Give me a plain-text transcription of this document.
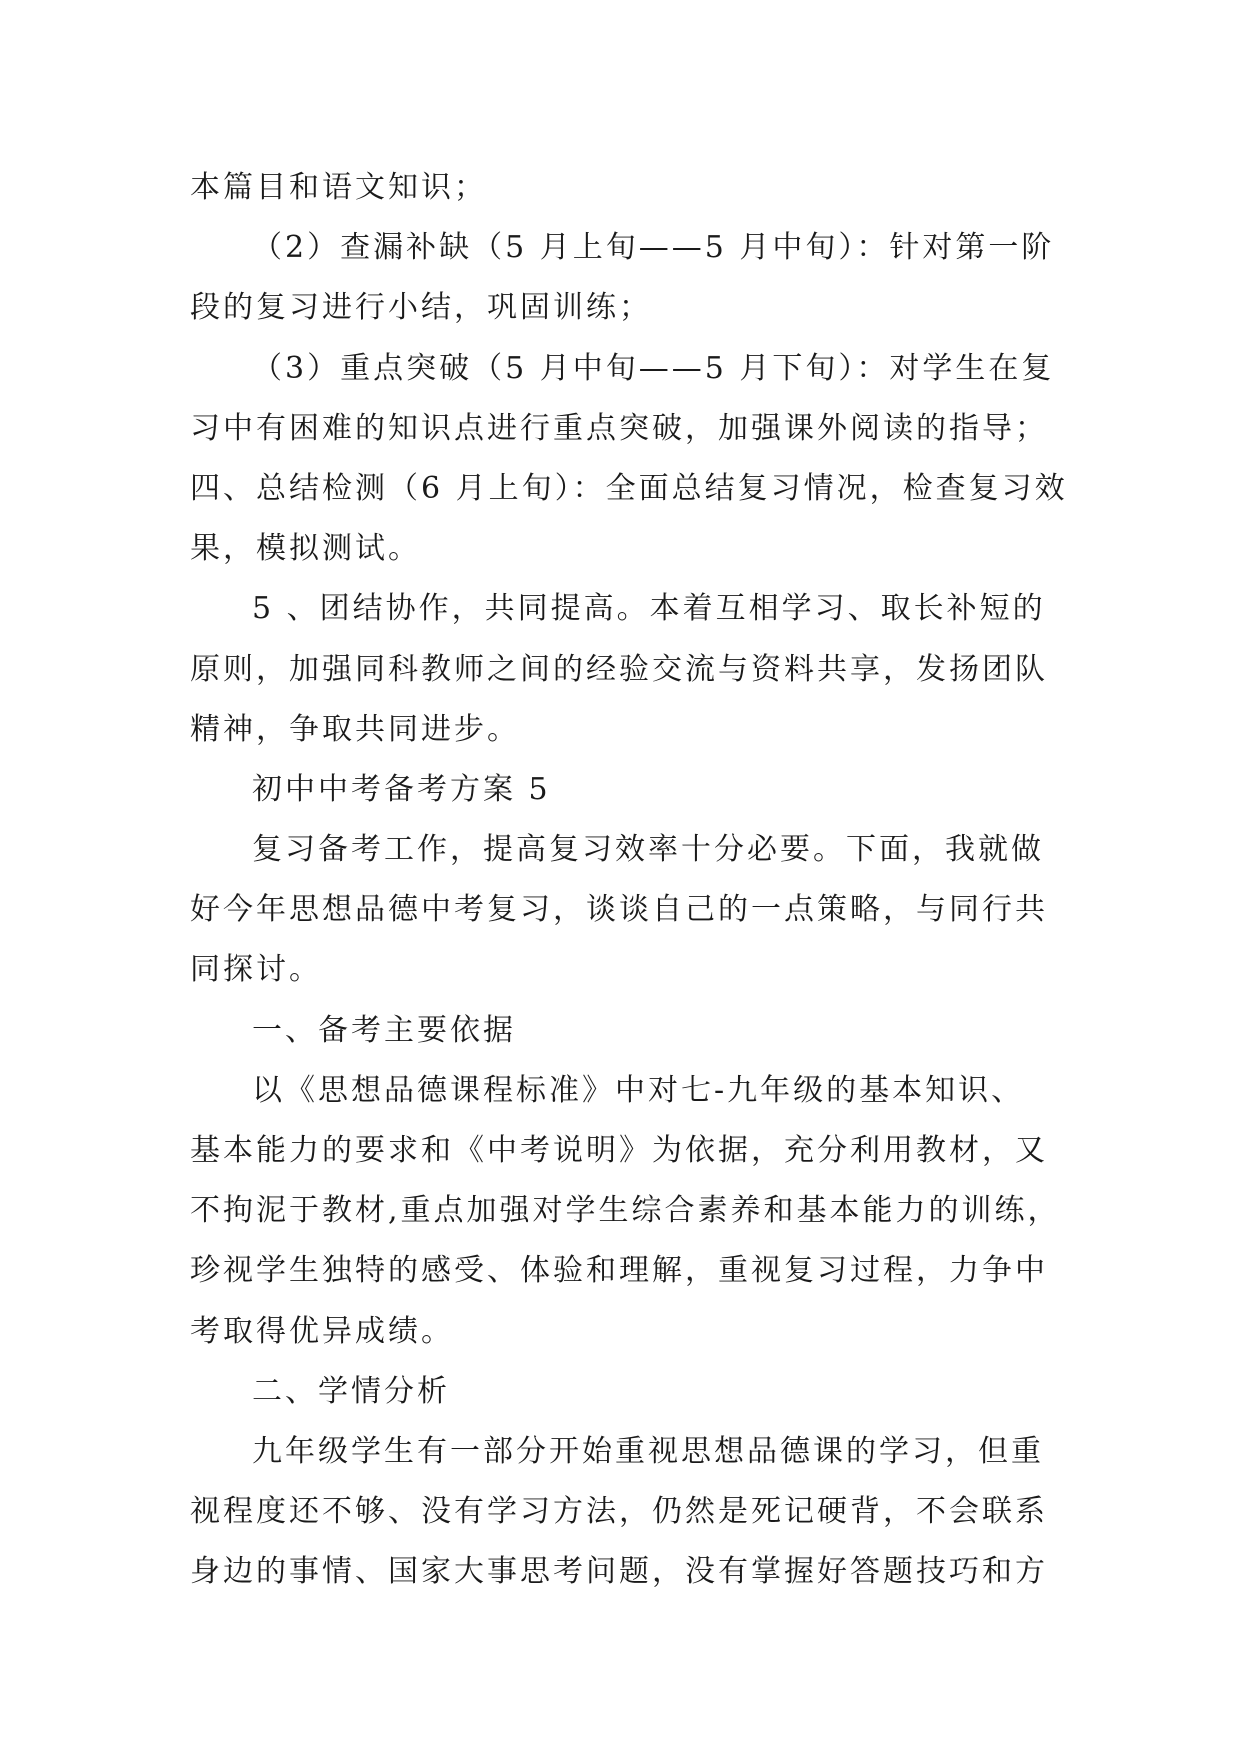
本篇目和语文知识；
（2）查漏补缺（5 月上旬——5 月中旬）：针对第一阶
段的复习进行小结，巩固训练；
（3）重点突破（5 月中旬——5 月下旬）：对学生在复
习中有困难的知识点进行重点突破，加强课外阅读的指导；
四、总结检测（6 月上旬）：全面总结复习情况，检查复习效
果，模拟测试。
5 、团结协作，共同提高。本着互相学习、取长补短的
原则，加强同科教师之间的经验交流与资料共享，发扬团队
精神，争取共同进步。
初中中考备考方案 5
复习备考工作，提高复习效率十分必要。下面，我就做
好今年思想品德中考复习，谈谈自己的一点策略，与同行共
同探讨。
一、备考主要依据
以《思想品德课程标准》中对七-九年级的基本知识、
基本能力的要求和《中考说明》为依据，充分利用教材，又
不拘泥于教材,重点加强对学生综合素养和基本能力的训练，
珍视学生独特的感受、体验和理解，重视复习过程，力争中
考取得优异成绩。
二、学情分析
九年级学生有一部分开始重视思想品德课的学习，但重
视程度还不够、没有学习方法，仍然是死记硬背，不会联系
身边的事情、国家大事思考问题，没有掌握好答题技巧和方
